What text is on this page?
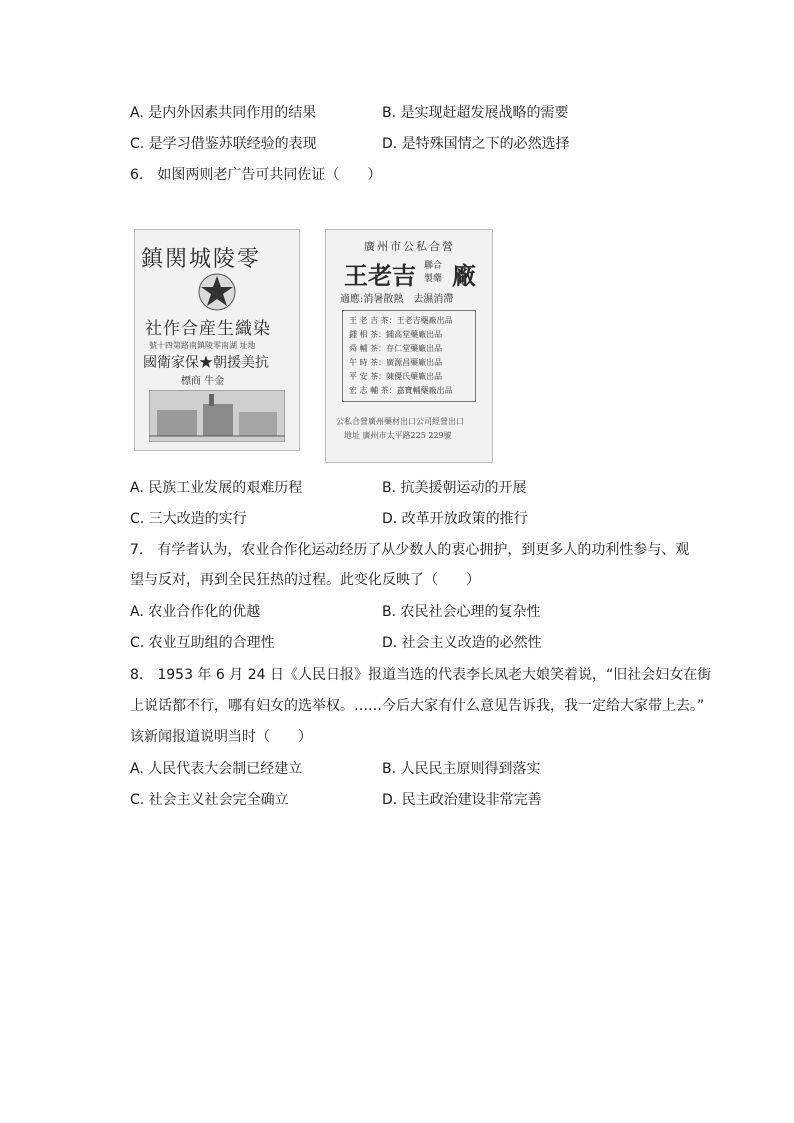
A. 是内外因素共同作用的结果	B. 是实现赶超发展战略的需要
C. 是学习借鉴苏联经验的表现	D. 是特殊国情之下的必然选择
6.　如图两则老广告可共同佐证（　　）
鎮関城陵零
社作合産生織染
號十四第路南鎮陵零南湖 址地
國衛家保★朝援美抗
標商 牛金
廣州市公私合營
王老吉 聯合
製藥 廠
適應:消暑散熱　去濕消滯
王 老 吉 茶：王老吉藥廠出品
鍾 相 茶：鍾高堂藥廠出品
舜 輔 茶：存仁堂藥廠出品
午 時 茶：廣源昌藥廠出品
平 安 茶：陳優氏藥廠出品
宏 志 輔 茶：嘉寶輔藥廠出品
公私合營廣州藥材出口公司經營出口
地址 廣州市太平路225 229號
A. 民族工业发展的艰难历程	B. 抗美援朝运动的开展
C. 三大改造的实行	D. 改革开放政策的推行
7.　有学者认为，农业合作化运动经历了从少数人的衷心拥护，到更多人的功利性参与、观
望与反对，再到全民狂热的过程。此变化反映了（　　）
A. 农业合作化的优越	B. 农民社会心理的复杂性
C. 农业互助组的合理性	D. 社会主义改造的必然性
8.　1953 年 6 月 24 日《人民日报》报道当选的代表李长凤老大娘笑着说，“旧社会妇女在街
上说话都不行，哪有妇女的选举权。……今后大家有什么意见告诉我，我一定给大家带上去。”
该新闻报道说明当时（　　）
A. 人民代表大会制已经建立	B. 人民民主原则得到落实
C. 社会主义社会完全确立	D. 民主政治建设非常完善
